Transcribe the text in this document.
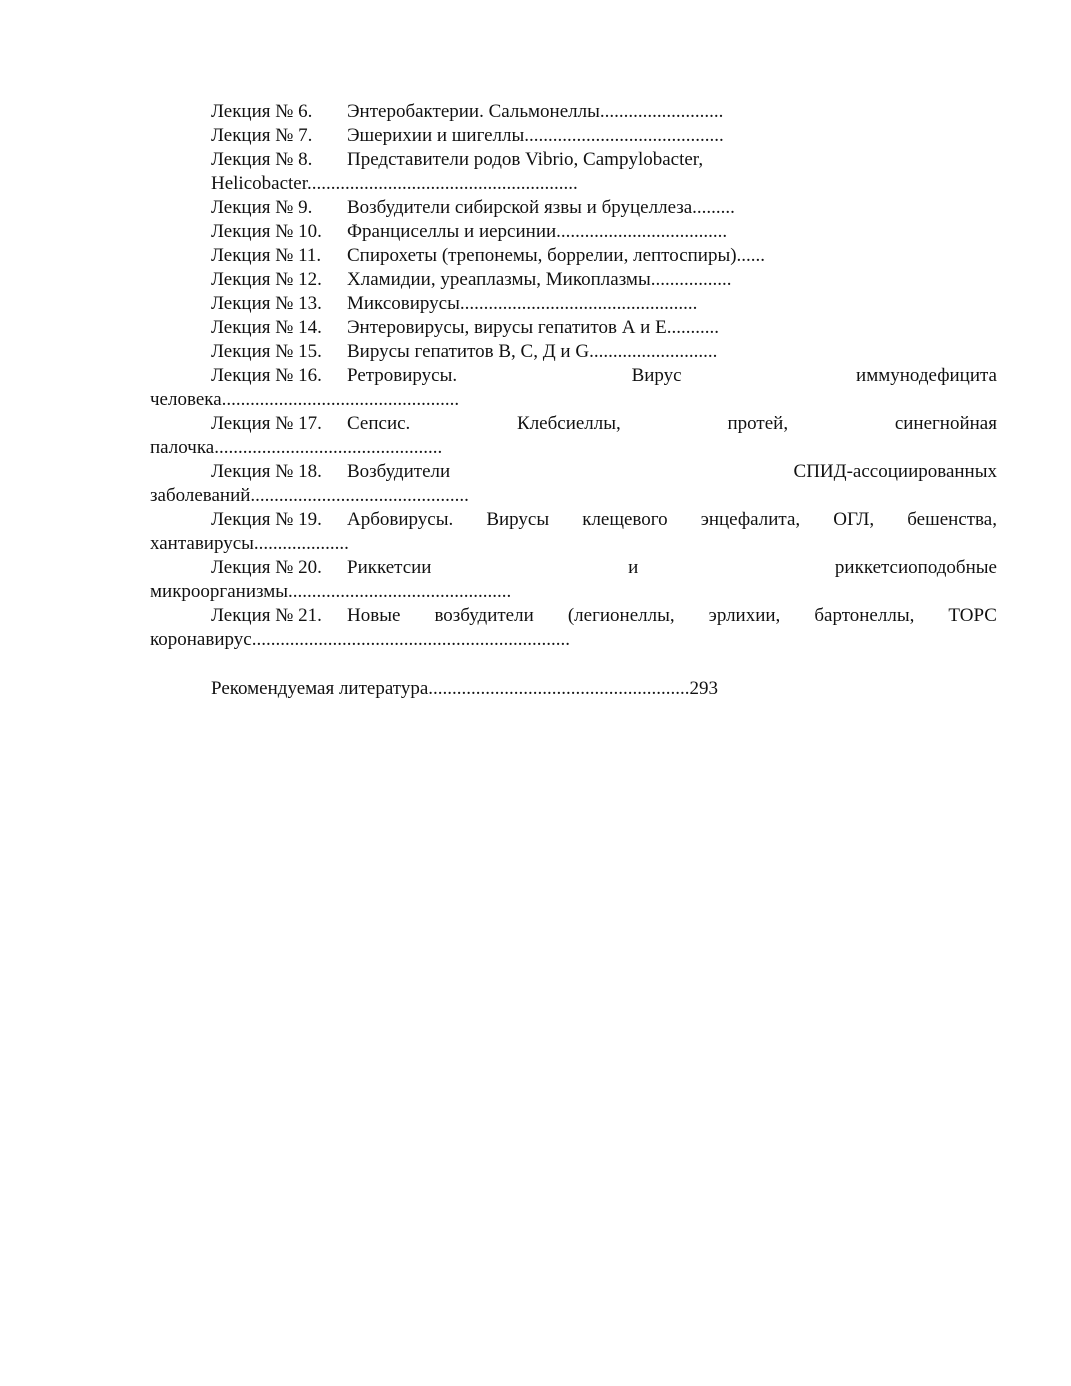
Лекция № 6. Энтеробактерии. Сальмонеллы..........................
Лекция № 7. Эшерихии и шигеллы..........................................
Лекция № 8. Представители родов Vibrio, Campylobacter,
Helicobacter.........................................................
Лекция № 9. Возбудители сибирской язвы и бруцеллеза.........
Лекция № 10. Франциселлы и иерсинии....................................
Лекция № 11. Спирохеты (трепонемы, боррелии, лептоспиры)......
Лекция № 12. Хламидии, уреаплазмы, Микоплазмы.................
Лекция № 13. Миксовирусы..................................................
Лекция № 14. Энтеровирусы, вирусы гепатитов А и Е...........
Лекция № 15. Вирусы гепатитов В, С, Д и G...........................
Лекция № 16.	Ретровирусы.	Вирус	иммунодефицита
человека..................................................
Лекция № 17.	Сепсис.	Клебсиеллы,	протей,	синегнойная
палочка................................................
Лекция № 18.	Возбудители	СПИД-ассоциированных
заболеваний..............................................
Лекция № 19.	Арбовирусы. Вирусы клещевого энцефалита, ОГЛ, бешенства,
хантавирусы....................
Лекция № 20.	Риккетсии	и	риккетсиоподобные
микроорганизмы...............................................
Лекция № 21.	Новые возбудители (легионеллы, эрлихии, бартонеллы, ТОРС
коронавирус...................................................................
Рекомендуемая литература.......................................................293
